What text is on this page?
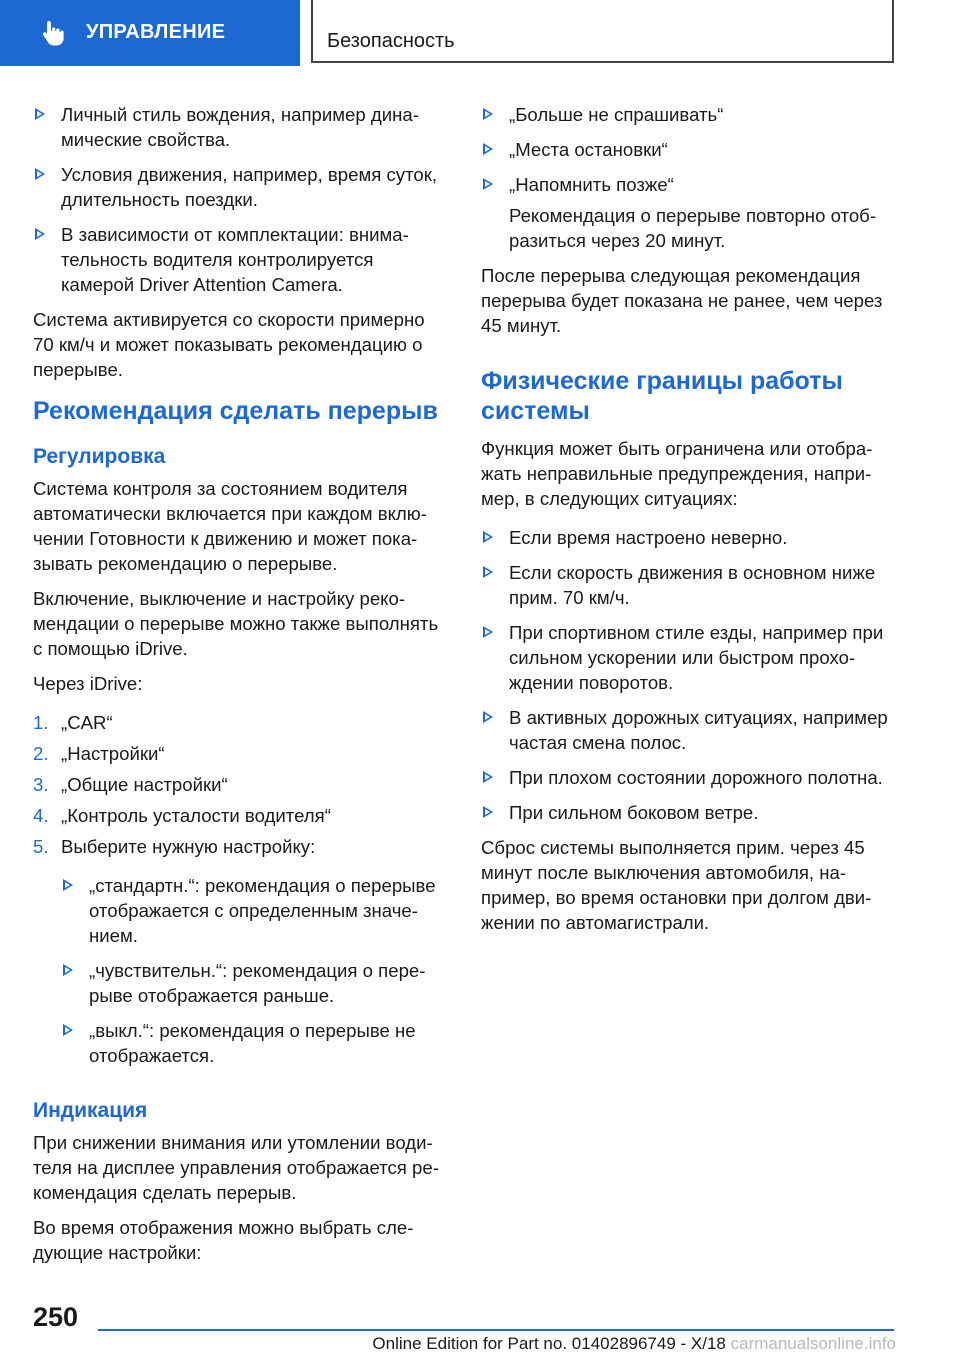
УПРАВЛЕНИЕ	Безопасность
Личный стиль вождения, например дина-мические свойства.
Условия движения, например, время суток, длительность поездки.
В зависимости от комплектации: внима-тельность водителя контролируется камерой Driver Attention Camera.

Система активируется со скорости примерно 70 км/ч и может показывать рекомендацию о перерыве.

Рекомендация сделать перерыв
Регулировка

Система контроля за состоянием водителя автоматически включается при каждом вклю-чении Готовности к движению и может пока-зывать рекомендацию о перерыве.

Включение, выключение и настройку реко-мендации о перерыве можно также выполнять с помощью iDrive.

Через iDrive:

1. „CAR“
2. „Настройки“
3. „Общие настройки“
4. „Контроль усталости водителя“
5. Выберите нужную настройку:
„стандартн.“: рекомендация о перерыве отображается с определенным значе-нием.
„чувствительн.“: рекомендация о пере-рыве отображается раньше.
„выкл.“: рекомендация о перерыве не отображается.
Индикация

При снижении внимания или утомлении води-теля на дисплее управления отображается ре-комендация сделать перерыв.

Во время отображения можно выбрать сле-дующие настройки:

„Больше не спрашивать“
„Места остановки“
„Напомнить позже“
Рекомендация о перерыве повторно отоб-разиться через 20 минут.

После перерыва следующая рекомендация перерыва будет показана не ранее, чем через 45 минут.

Физические границы работы системы

Функция может быть ограничена или отобра-жать неправильные предупреждения, напри-мер, в следующих ситуациях:

Если время настроено неверно.
Если скорость движения в основном ниже прим. 70 км/ч.
При спортивном стиле езды, например при сильном ускорении или быстром прохо-ждении поворотов.
В активных дорожных ситуациях, например частая смена полос.
При плохом состоянии дорожного полотна.
При сильном боковом ветре.

Сброс системы выполняется прим. через 45 минут после выключения автомобиля, на-пример, во время остановки при долгом дви-жении по автомагистрали.

250
Online Edition for Part no. 01402896749 - X/18 carmanualsonline.info
